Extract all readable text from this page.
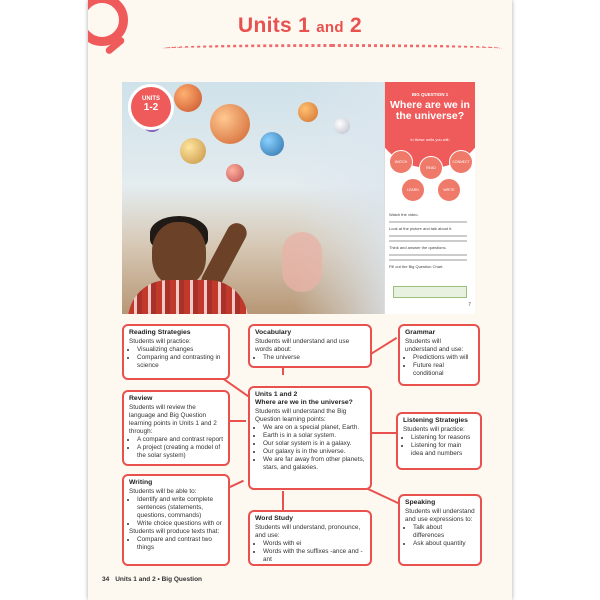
Units 1 and 2
UNITS
1-2
BIG QUESTION 1
Where are we in the universe?
In these units you will:
WATCH
READ
CONNECT
LEARN	WRITE
Watch the video.
Look at the picture and talk about it.
Think and answer the questions.
Fill out the Big Question Chart.
7
Reading Strategies
Students will practice:
• Visualizing changes
• Comparing and contrasting in science
Vocabulary
Students will understand and use words about:
• The universe
Grammar
Students will understand and use:
• Predictions with will
• Future real conditional
Review
Students will review the language and Big Question learning points in Units 1 and 2 through:
• A compare and contrast report
• A project (creating a model of the solar system)
Units 1 and 2
Where are we in the universe?
Students will understand the Big Question learning points:
• We are on a special planet, Earth.
• Earth is in a solar system.
• Our solar system is in a galaxy.
• Our galaxy is in the universe.
• We are far away from other planets, stars, and galaxies.
Listening Strategies
Students will practice:
• Listening for reasons
• Listening for main idea and numbers
Writing
Students will be able to:
• Identify and write complete sentences (statements, questions, commands)
• Write choice questions with or
Students will produce texts that:
• Compare and contrast two things
Word Study
Students will understand, pronounce, and use:
• Words with ei
• Words with the suffixes -ance and -ant
Speaking
Students will understand and use expressions to:
• Talk about differences
• Ask about quantity
34 Units 1 and 2 • Big Question
